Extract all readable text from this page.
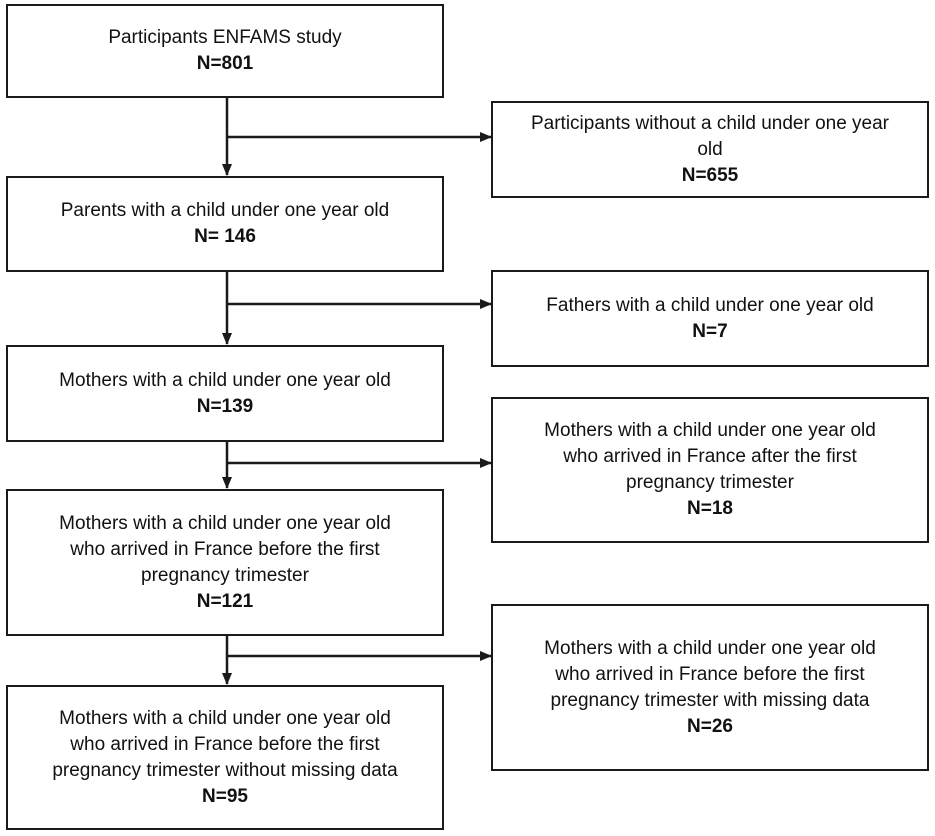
Participants ENFAMS study
N=801
Parents with a child under one year old
N= 146
Mothers with a child under one year old
N=139
Mothers with a child under one year old
who arrived in France before the first
pregnancy trimester
N=121
Mothers with a child under one year old
who arrived in France before the first
pregnancy trimester without missing data
N=95
Participants without a child under one year
old
N=655
Fathers with a child under one year old
N=7
Mothers with a child under one year old
who arrived in France after the first
pregnancy trimester
N=18
Mothers with a child under one year old
who arrived in France before the first
pregnancy trimester with missing data
N=26
